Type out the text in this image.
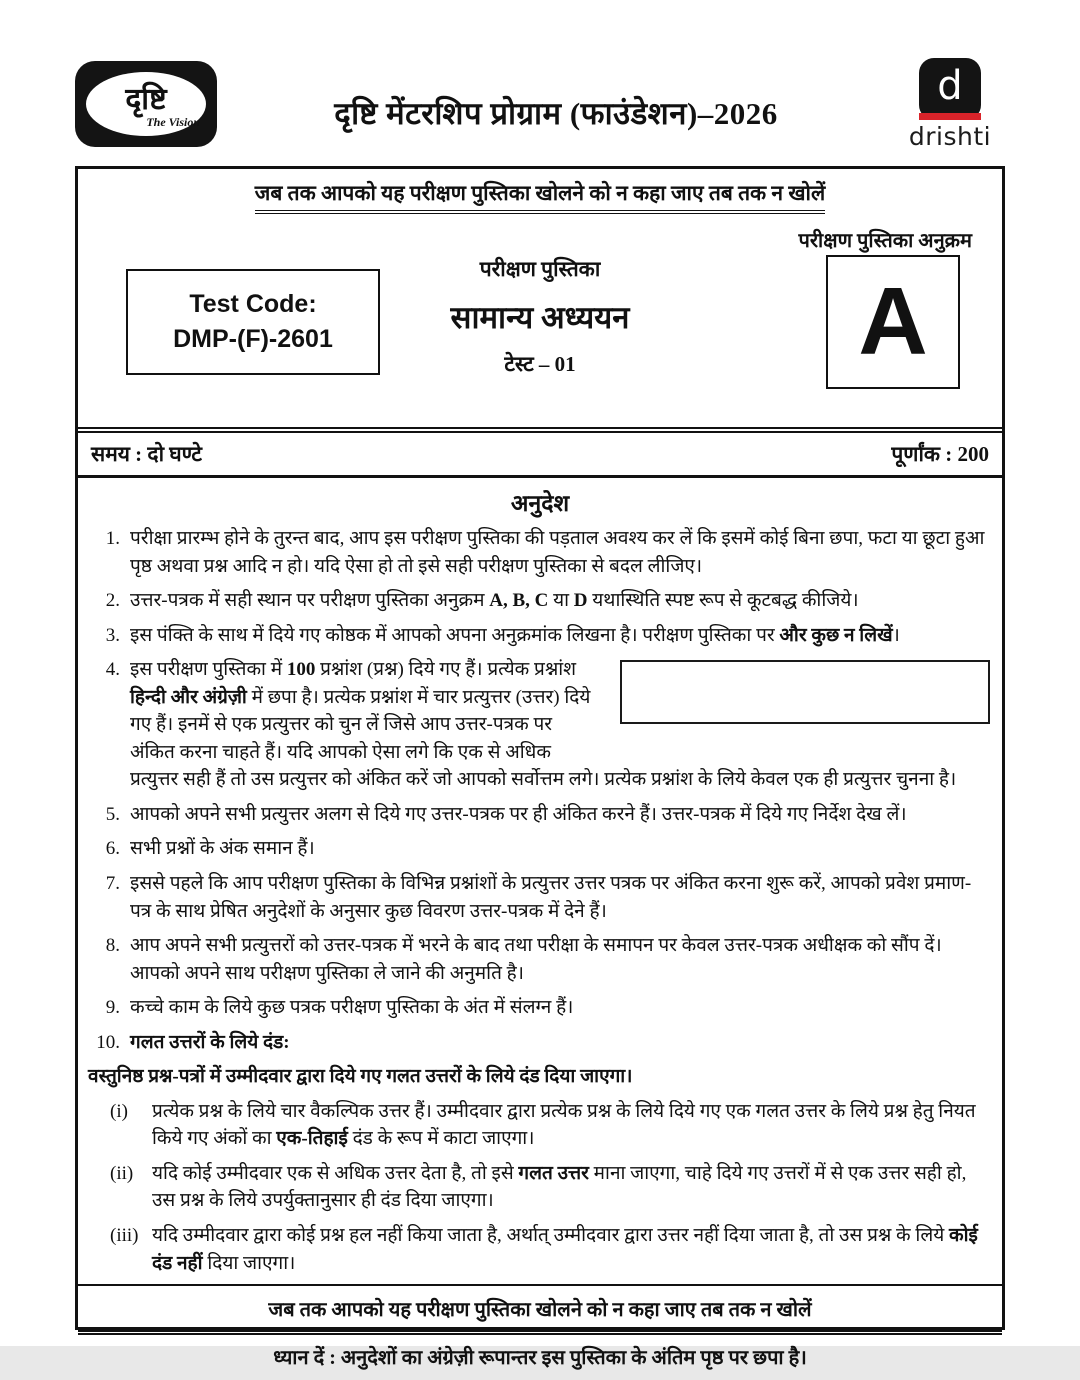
दृष्टि
The Vision	दृष्टि मेंटरशिप प्रोग्राम (फाउंडेशन)–2026
d
drishti
जब तक आपको यह परीक्षण पुस्तिका खोलने को न कहा जाए तब तक न खोलें
परीक्षण पुस्तिका अनुक्रम
Test Code:
DMP-(F)-2601
परीक्षण पुस्तिका
सामान्य अध्ययन
टेस्ट – 01	A
समय : दो घण्टे	पूर्णांक : 200
अनुदेश
1. परीक्षा प्रारम्भ होने के तुरन्त बाद, आप इस परीक्षण पुस्तिका की पड़ताल अवश्य कर लें कि इसमें कोई बिना छपा, फटा या छूटा हुआ पृष्ठ अथवा प्रश्न आदि न हो। यदि ऐसा हो तो इसे सही परीक्षण पुस्तिका से बदल लीजिए।
2. उत्तर-पत्रक में सही स्थान पर परीक्षण पुस्तिका अनुक्रम A, B, C या D यथास्थिति स्पष्ट रूप से कूटबद्ध कीजिये।
3. इस पंक्ति के साथ में दिये गए कोष्ठक में आपको अपना अनुक्रमांक लिखना है। परीक्षण पुस्तिका पर और कुछ न लिखें।
4. इस परीक्षण पुस्तिका में 100 प्रश्नांश (प्रश्न) दिये गए हैं। प्रत्येक प्रश्नांश हिन्दी और अंग्रेज़ी में छपा है। प्रत्येक प्रश्नांश में चार प्रत्युत्तर (उत्तर) दिये गए हैं। इनमें से एक प्रत्युत्तर को चुन लें जिसे आप उत्तर-पत्रक पर अंकित करना चाहते हैं। यदि आपको ऐसा लगे कि एक से अधिक प्रत्युत्तर सही हैं तो उस प्रत्युत्तर को अंकित करें जो आपको सर्वोत्तम लगे। प्रत्येक प्रश्नांश के लिये केवल एक ही प्रत्युत्तर चुनना है।
5. आपको अपने सभी प्रत्युत्तर अलग से दिये गए उत्तर-पत्रक पर ही अंकित करने हैं। उत्तर-पत्रक में दिये गए निर्देश देख लें।
6. सभी प्रश्नों के अंक समान हैं।
7. इससे पहले कि आप परीक्षण पुस्तिका के विभिन्न प्रश्नांशों के प्रत्युत्तर उत्तर पत्रक पर अंकित करना शुरू करें, आपको प्रवेश प्रमाण-पत्र के साथ प्रेषित अनुदेशों के अनुसार कुछ विवरण उत्तर-पत्रक में देने हैं।
8. आप अपने सभी प्रत्युत्तरों को उत्तर-पत्रक में भरने के बाद तथा परीक्षा के समापन पर केवल उत्तर-पत्रक अधीक्षक को सौंप दें। आपको अपने साथ परीक्षण पुस्तिका ले जाने की अनुमति है।
9. कच्चे काम के लिये कुछ पत्रक परीक्षण पुस्तिका के अंत में संलग्न हैं।
10. गलत उत्तरों के लिये दंड:
वस्तुनिष्ठ प्रश्न-पत्रों में उम्मीदवार द्वारा दिये गए गलत उत्तरों के लिये दंड दिया जाएगा।
(i)	प्रत्येक प्रश्न के लिये चार वैकल्पिक उत्तर हैं। उम्मीदवार द्वारा प्रत्येक प्रश्न के लिये दिये गए एक गलत उत्तर के लिये प्रश्न हेतु नियत किये गए अंकों का एक-तिहाई दंड के रूप में काटा जाएगा।
(ii) यदि कोई उम्मीदवार एक से अधिक उत्तर देता है, तो इसे गलत उत्तर माना जाएगा, चाहे दिये गए उत्तरों में से एक उत्तर सही हो, उस प्रश्न के लिये उपर्युक्तानुसार ही दंड दिया जाएगा।
(iii) यदि उम्मीदवार द्वारा कोई प्रश्न हल नहीं किया जाता है, अर्थात् उम्मीदवार द्वारा उत्तर नहीं दिया जाता है, तो उस प्रश्न के लिये कोई दंड नहीं दिया जाएगा।
जब तक आपको यह परीक्षण पुस्तिका खोलने को न कहा जाए तब तक न खोलें
ध्यान दें : अनुदेशों का अंग्रेज़ी रूपान्तर इस पुस्तिका के अंतिम पृष्ठ पर छपा है।
